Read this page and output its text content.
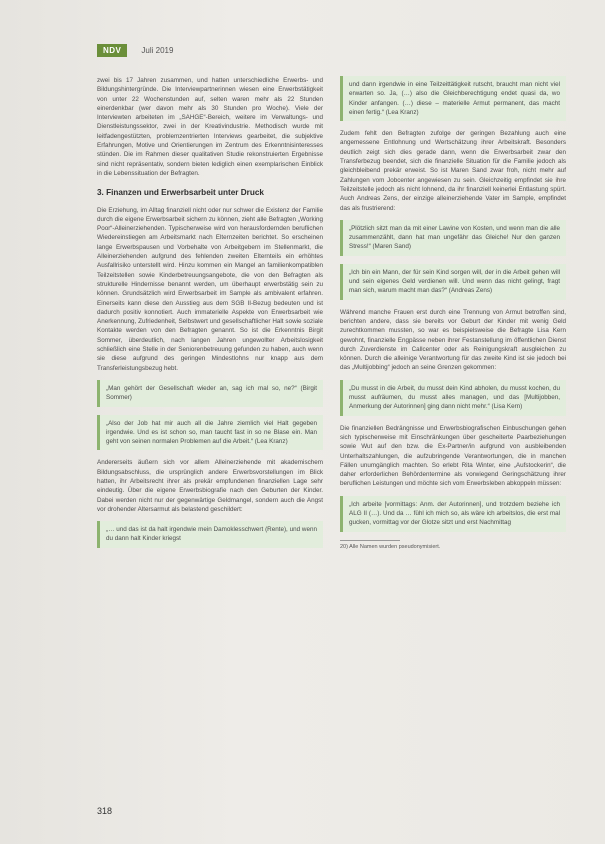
NDV	Juli 2019

zwei bis 17 Jahren zusammen, und hatten unterschiedliche Erwerbs- und Bildungshintergründe. Die Interviewpartnerinnen wiesen eine Erwerbstätigkeit von unter 22 Wochenstunden auf, selten waren mehr als 22 Stunden einerdenkbar (wer davon mehr als 30 Stunden pro Woche). Viele der Interviewten arbeiteten im „SAHGE“-Bereich, weitere im Verwaltungs- und Dienstleistungssektor, zwei in der Kreativindustrie. Methodisch wurde mit leitfadengestützten, problemzentrierten Interviews gearbeitet, die subjektive Erfahrungen, Motive und Orientierungen im Zentrum des Erkenntnisinteresses stünden. Die im Rahmen dieser qualitativen Studie rekonstruierten Ergebnisse sind nicht repräsentativ, sondern bieten lediglich einen exemplarischen Einblick in die Lebenssituation der Befragten.

3. Finanzen und Erwerbsarbeit unter Druck

Die Erziehung, im Alltag finanziell nicht oder nur schwer die Existenz der Familie durch die eigene Erwerbsarbeit sichern zu können, zieht alle Befragten „Working Poor“-Alleinerziehenden. Typischerweise wird von herausfordernden beruflichen Wiedereinstiegen am Arbeitsmarkt nach Elternzeiten berichtet. So erscheinen lange Erwerbspausen und Vorbehalte von Arbeitgebern im Stellenmarkt, die Alleinerziehenden aufgrund des fehlenden zweiten Elternteils ein erhöhtes Ausfallrisiko unterstellt wird. Hinzu kommen ein Mangel an familienkompatiblen Teilzeitstellen sowie Kinderbetreuungsangebote, die von den Befragten als strukturelle Hindernisse benannt werden, um überhaupt erwerbstätig sein zu können. Grundsätzlich wird Erwerbsarbeit im Sample als ambivalent erfahren. Einerseits kann diese den Ausstieg aus dem SGB II-Bezug bedeuten und ist dadurch positiv konnotiert. Auch immaterielle Aspekte von Erwerbsarbeit wie Anerkennung, Zufriedenheit, Selbstwert und gesellschaftlicher Halt sowie soziale Kontakte werden von den Befragten genannt. So ist die Erkenntnis Birgit Sommer, überdeutlich, nach langen Jahren ungewollter Arbeitslosigkeit schließlich eine Stelle in der Seniorenbetreuung gefunden zu haben, auch wenn sie diese aufgrund des geringen Mindestlohns nur knapp aus dem Transferleistungsbezug hebt.

„Man gehört der Gesellschaft wieder an, sag ich mal so, ne?“ (Birgit Sommer)
„Also der Job hat mir auch all die Jahre ziemlich viel Halt gegeben irgendwie. Und es ist schon so, man taucht fast in so ne Blase ein. Man geht von seinen normalen Problemen auf die Arbeit.“ (Lea Kranz)

Andererseits äußern sich vor allem Alleinerziehende mit akademischem Bildungsabschluss, die ursprünglich andere Erwerbsvorstellungen im Blick hatten, ihr Arbeitsrecht ihrer als prekär empfundenen finanziellen Lage sehr eindeutig. Über die eigene Erwerbsbiografie nach den Geburten der Kinder. Dabei werden nicht nur der gegenwärtige Geldmangel, sondern auch die Angst vor drohender Altersarmut als belastend geschildert:

„… und das ist da halt irgendwie mein Damoklesschwert (Rente), und wenn du dann halt Kinder kriegst
und dann irgendwie in eine Teilzeittätigkeit rutscht, braucht man nicht viel erwarten so. Ja, (…) also die Gleichberechtigung endet quasi da, wo Kinder anfangen. (…) diese – materielle Armut permanent, das macht einen fertig.“ (Lea Kranz)

Zudem fehlt den Befragten zufolge der geringen Bezahlung auch eine angemessene Entlohnung und Wertschätzung ihrer Arbeitskraft. Besonders deutlich zeigt sich dies gerade dann, wenn die Erwerbsarbeit zwar den Transferbezug beendet, sich die finanzielle Situation für die Familie jedoch als gleichbleibend prekär erweist. So ist Maren Sand zwar froh, nicht mehr auf Zahlungen vom Jobcenter angewiesen zu sein. Gleichzeitig empfindet sie ihre Teilzeitstelle jedoch als nicht lohnend, da ihr finanziell keinerlei Entlastung spürt. Auch Andreas Zens, der einzige alleinerziehende Vater im Sample, empfindet das als frustrierend:

„Plötzlich sitzt man da mit einer Lawine von Kosten, und wenn man die alle zusammenzählt, dann hat man ungefähr das Gleiche! Nur den ganzen Stress!“ (Maren Sand)
„Ich bin ein Mann, der für sein Kind sorgen will, der in die Arbeit gehen will und sein eigenes Geld verdienen will. Und wenn das nicht gelingt, fragt man sich, warum macht man das?“ (Andreas Zens)

Während manche Frauen erst durch eine Trennung von Armut betroffen sind, berichten andere, dass sie bereits vor Geburt der Kinder mit wenig Geld zurechtkommen mussten, so war es beispielsweise die Befragte Lisa Kern gewohnt, finanzielle Engpässe neben ihrer Festanstellung im öffentlichen Dienst durch Zuverdienste im Callcenter oder als Reinigungskraft ausgleichen zu können. Durch die alleinige Verantwortung für das zweite Kind ist sie jedoch bei das „Multijobbing“ jedoch an seine Grenzen gekommen:

„Du musst in die Arbeit, du musst dein Kind abholen, du musst kochen, du musst aufräumen, du musst alles managen, und das [Multijobben, Anmerkung der Autorinnen] ging dann nicht mehr.“ (Lisa Kern)

Die finanziellen Bedrängnisse und Erwerbsbiografischen Einbuschungen gehen sich typischerweise mit Einschränkungen über gescheiterte Paarbeziehungen sowie Wut auf den bzw. die Ex-Partner/in aufgrund von ausbleibenden Unterhaltszahlungen, die aufzubringende Verantwortungen, die in manchen Fällen unumgänglich machten. So erlebt Rita Winter, eine „Aufstockerin“, die daher erforderlichen Behördentermine als vorwiegend Geringschätzung ihrer beruflichen Leistungen und möchte sich vom Erwerbsleben abkoppeln müssen:

„Ich arbeite [vormittags: Anm. der Autorinnen], und trotzdem beziehe ich ALG II (…). Und da … fühl ich mich so, als wäre ich arbeitslos, die erst mal gucken, vormittag vor der Glotze sitzt und erst Nachmittag
20) Alle Namen wurden pseudonymisiert.
318
